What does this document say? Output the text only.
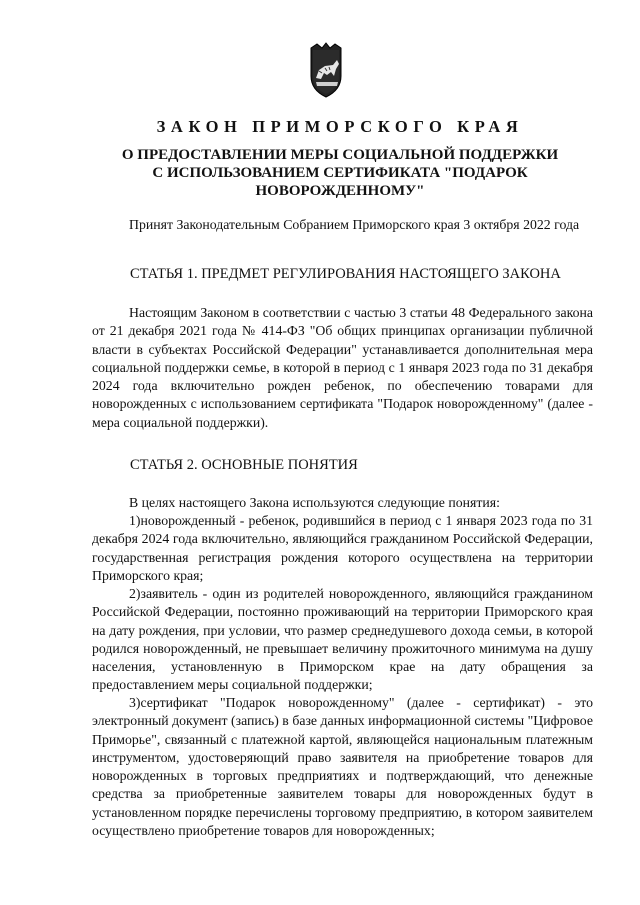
ЗАКОН ПРИМОРСКОГО КРАЯ
О ПРЕДОСТАВЛЕНИИ МЕРЫ СОЦИАЛЬНОЙ ПОДДЕРЖКИ
С ИСПОЛЬЗОВАНИЕМ СЕРТИФИКАТА "ПОДАРОК
НОВОРОЖДЕННОМУ"

Принят Законодательным Собранием Приморского края 3 октября 2022 года

СТАТЬЯ 1. ПРЕДМЕТ РЕГУЛИРОВАНИЯ НАСТОЯЩЕГО ЗАКОНА

Настоящим Законом в соответствии с частью 3 статьи 48 Федерального закона от 21 декабря 2021 года № 414-ФЗ "Об общих принципах организации публичной власти в субъектах Российской Федерации" устанавливается дополнительная мера социальной поддержки семье, в которой в период с 1 января 2023 года по 31 декабря 2024 года включительно рожден ребенок, по обеспечению товарами для новорожденных с использованием сертификата "Подарок новорожденному" (далее - мера социальной поддержки).

СТАТЬЯ 2. ОСНОВНЫЕ ПОНЯТИЯ

В целях настоящего Закона используются следующие понятия:

1)новорожденный - ребенок, родившийся в период с 1 января 2023 года по 31 декабря 2024 года включительно, являющийся гражданином Российской Федерации, государственная регистрация рождения которого осуществлена на территории Приморского края;

2)заявитель - один из родителей новорожденного, являющийся гражданином Российской Федерации, постоянно проживающий на территории Приморского края на дату рождения, при условии, что размер среднедушевого дохода семьи, в которой родился новорожденный, не превышает величину прожиточного минимума на душу населения, установленную в Приморском крае на дату обращения за предоставлением меры социальной поддержки;

3)сертификат "Подарок новорожденному" (далее - сертификат) - это электронный документ (запись) в базе данных информационной системы "Цифровое Приморье", связанный с платежной картой, являющейся национальным платежным инструментом, удостоверяющий право заявителя на приобретение товаров для новорожденных в торговых предприятиях и подтверждающий, что денежные средства за приобретенные заявителем товары для новорожденных будут в установленном порядке перечислены торговому предприятию, в котором заявителем осуществлено приобретение товаров для новорожденных;
